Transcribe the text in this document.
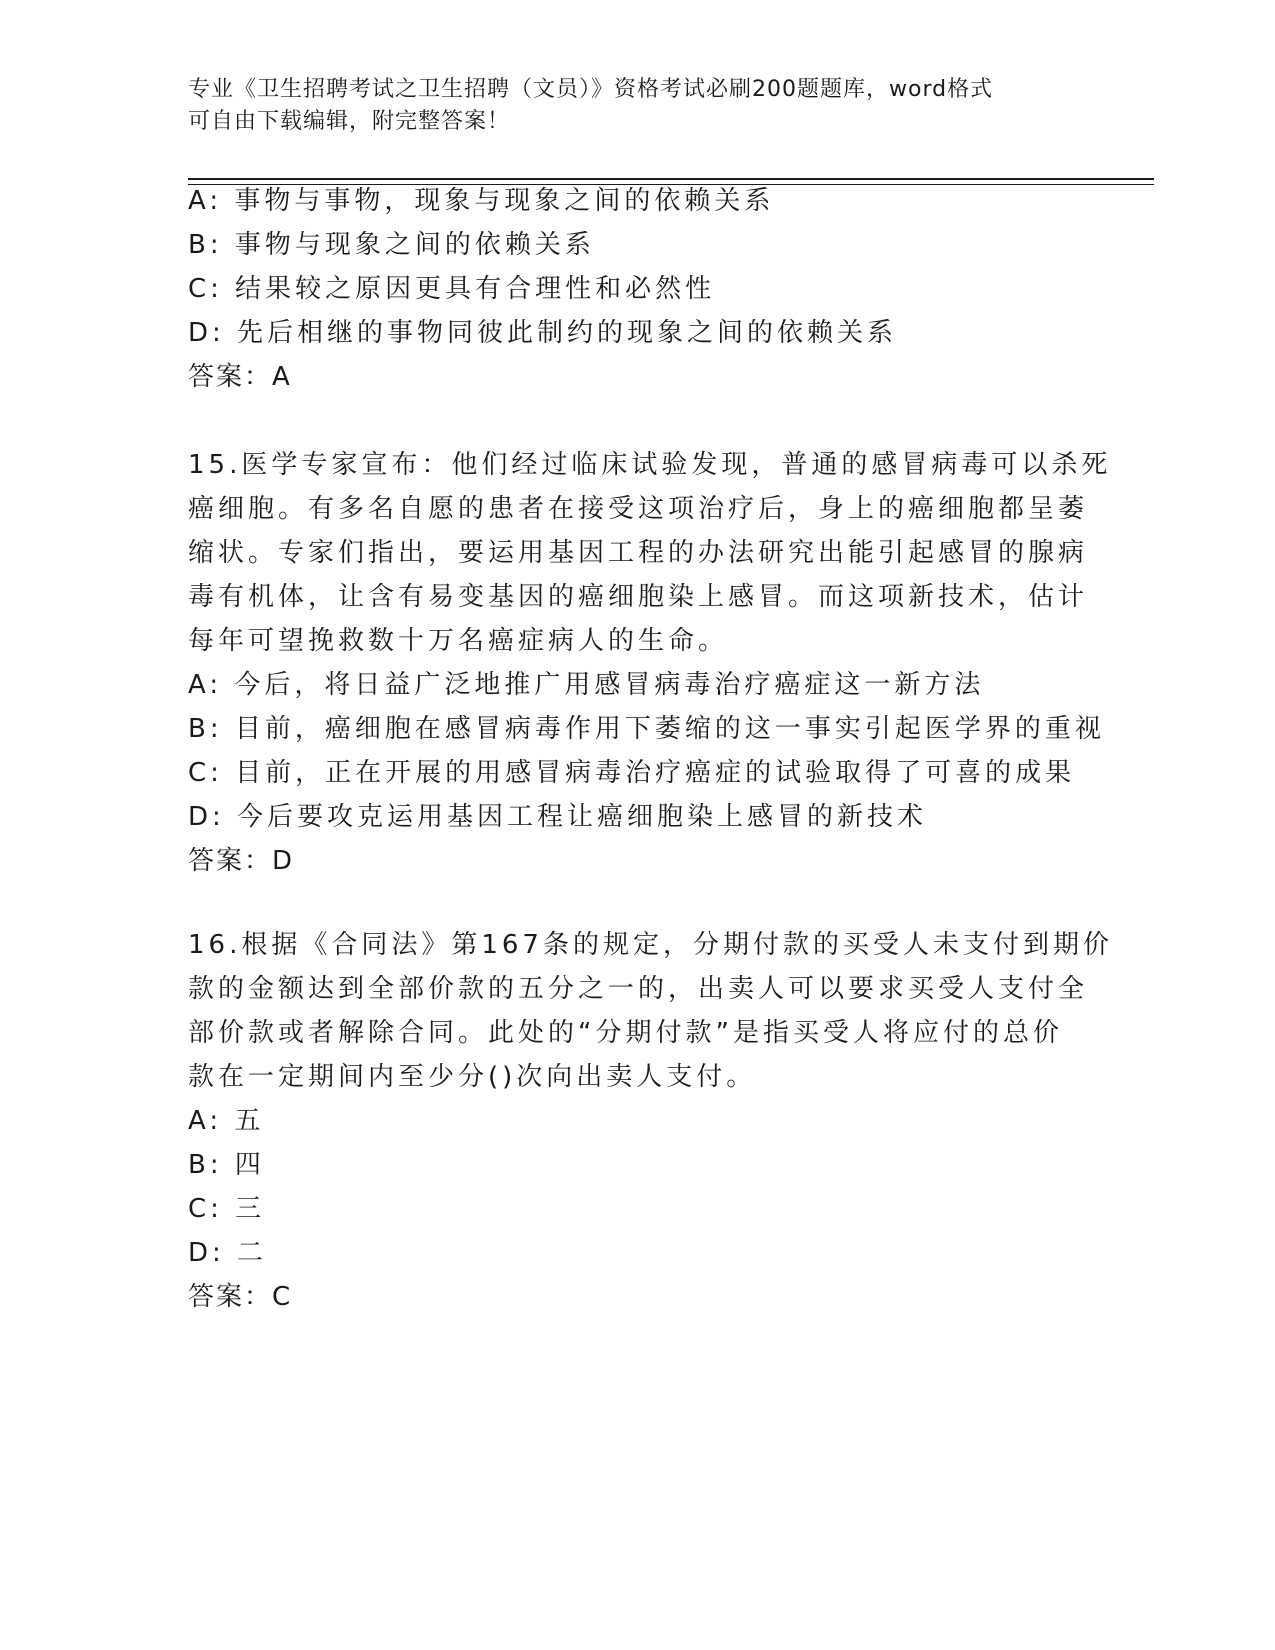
专业《卫生招聘考试之卫生招聘（文员）》资格考试必刷200题题库，word格式
可自由下载编辑，附完整答案！
A: 事物与事物，现象与现象之间的依赖关系
B: 事物与现象之间的依赖关系
C: 结果较之原因更具有合理性和必然性
D: 先后相继的事物同彼此制约的现象之间的依赖关系
答案：A
15.医学专家宣布：他们经过临床试验发现，普通的感冒病毒可以杀死
癌细胞。有多名自愿的患者在接受这项治疗后，身上的癌细胞都呈萎
缩状。专家们指出，要运用基因工程的办法研究出能引起感冒的腺病
毒有机体，让含有易变基因的癌细胞染上感冒。而这项新技术，估计
每年可望挽救数十万名癌症病人的生命。
A: 今后，将日益广泛地推广用感冒病毒治疗癌症这一新方法
B: 目前，癌细胞在感冒病毒作用下萎缩的这一事实引起医学界的重视
C: 目前，正在开展的用感冒病毒治疗癌症的试验取得了可喜的成果
D: 今后要攻克运用基因工程让癌细胞染上感冒的新技术
答案：D
16.根据《合同法》第167条的规定，分期付款的买受人未支付到期价
款的金额达到全部价款的五分之一的，出卖人可以要求买受人支付全
部价款或者解除合同。此处的“分期付款”是指买受人将应付的总价
款在一定期间内至少分()次向出卖人支付。
A: 五
B: 四
C: 三
D: 二
答案：C
